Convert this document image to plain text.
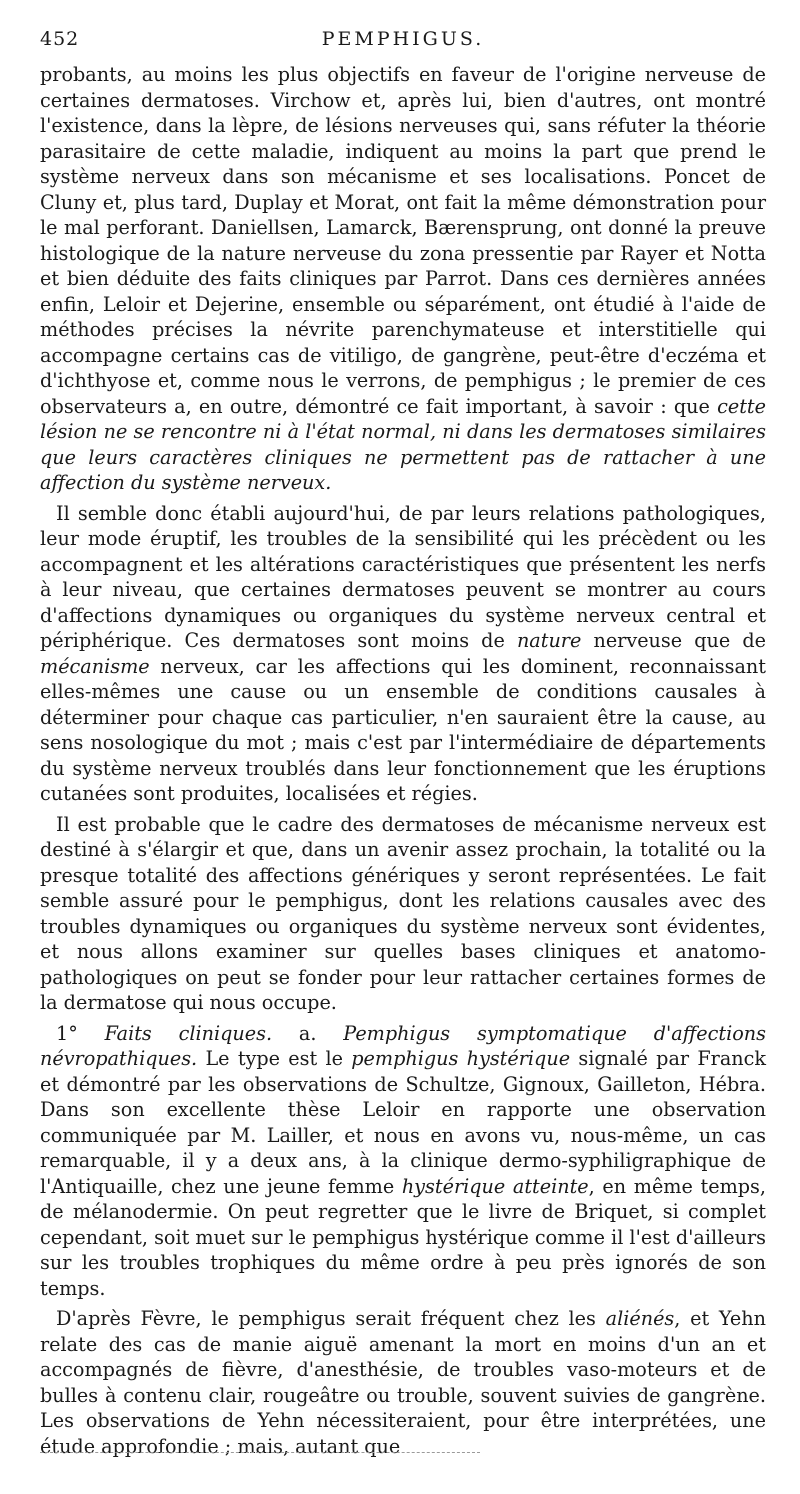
452	PEMPHIGUS.

probants, au moins les plus objectifs en faveur de l'origine nerveuse de certaines dermatoses. Virchow et, après lui, bien d'autres, ont montré l'existence, dans la lèpre, de lésions nerveuses qui, sans réfuter la théorie parasitaire de cette maladie, indiquent au moins la part que prend le système nerveux dans son mécanisme et ses localisations. Poncet de Cluny et, plus tard, Duplay et Morat, ont fait la même démonstration pour le mal perforant. Daniellsen, Lamarck, Bærensprung, ont donné la preuve histologique de la nature nerveuse du zona pressentie par Rayer et Notta et bien déduite des faits cliniques par Parrot. Dans ces dernières années enfin, Leloir et Dejerine, ensemble ou séparément, ont étudié à l'aide de méthodes précises la névrite parenchymateuse et interstitielle qui accompagne certains cas de vitiligo, de gangrène, peut-être d'eczéma et d'ichthyose et, comme nous le verrons, de pemphigus ; le premier de ces observateurs a, en outre, démontré ce fait important, à savoir : que cette lésion ne se rencontre ni à l'état normal, ni dans les dermatoses similaires que leurs caractères cliniques ne permettent pas de rattacher à une affection du système nerveux.

Il semble donc établi aujourd'hui, de par leurs relations pathologiques, leur mode éruptif, les troubles de la sensibilité qui les précèdent ou les accompagnent et les altérations caractéristiques que présentent les nerfs à leur niveau, que certaines dermatoses peuvent se montrer au cours d'affections dynamiques ou organiques du système nerveux central et périphérique. Ces dermatoses sont moins de nature nerveuse que de mécanisme nerveux, car les affections qui les dominent, reconnaissant elles-mêmes une cause ou un ensemble de conditions causales à déterminer pour chaque cas particulier, n'en sauraient être la cause, au sens nosologique du mot ; mais c'est par l'intermédiaire de départements du système nerveux troublés dans leur fonctionnement que les éruptions cutanées sont produites, localisées et régies.

Il est probable que le cadre des dermatoses de mécanisme nerveux est destiné à s'élargir et que, dans un avenir assez prochain, la totalité ou la presque totalité des affections génériques y seront représentées. Le fait semble assuré pour le pemphigus, dont les relations causales avec des troubles dynamiques ou organiques du système nerveux sont évidentes, et nous allons examiner sur quelles bases cliniques et anatomo-pathologiques on peut se fonder pour leur rattacher certaines formes de la dermatose qui nous occupe.

1° Faits cliniques. a. Pemphigus symptomatique d'affections névropathiques. Le type est le pemphigus hystérique signalé par Franck et démontré par les observations de Schultze, Gignoux, Gailleton, Hébra. Dans son excellente thèse Leloir en rapporte une observation communiquée par M. Lailler, et nous en avons vu, nous-même, un cas remarquable, il y a deux ans, à la clinique dermo-syphiligraphique de l'Antiquaille, chez une jeune femme hystérique atteinte, en même temps, de mélanodermie. On peut regretter que le livre de Briquet, si complet cependant, soit muet sur le pemphigus hystérique comme il l'est d'ailleurs sur les troubles trophiques du même ordre à peu près ignorés de son temps.

D'après Fèvre, le pemphigus serait fréquent chez les aliénés, et Yehn relate des cas de manie aiguë amenant la mort en moins d'un an et accompagnés de fièvre, d'anesthésie, de troubles vaso-moteurs et de bulles à contenu clair, rougeâtre ou trouble, souvent suivies de gangrène. Les observations de Yehn nécessiteraient, pour être interprétées, une étude approfondie ; mais, autant que
